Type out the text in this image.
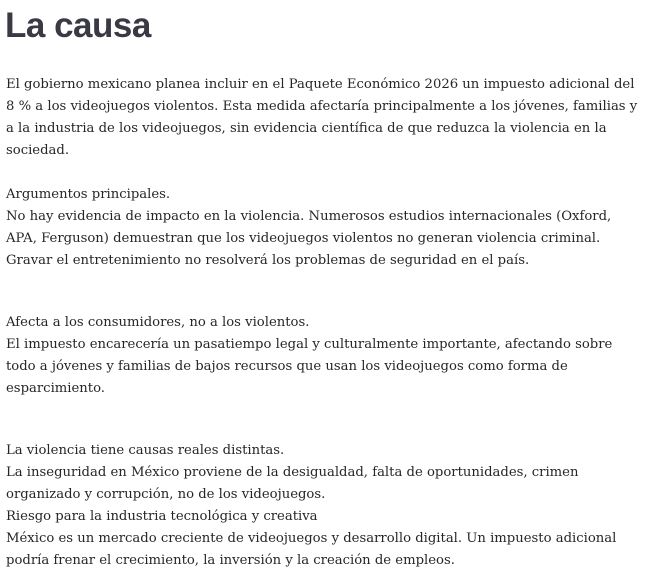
La causa

El gobierno mexicano planea incluir en el Paquete Económico 2026 un impuesto adicional del 8 % a los videojuegos violentos. Esta medida afectaría principalmente a los jóvenes, familias y a la industria de los videojuegos, sin evidencia científica de que reduzca la violencia en la sociedad.

Argumentos principales.
No hay evidencia de impacto en la violencia. Numerosos estudios internacionales (Oxford, APA, Ferguson) demuestran que los videojuegos violentos no generan violencia criminal. Gravar el entretenimiento no resolverá los problemas de seguridad en el país.
Afecta a los consumidores, no a los violentos.
El impuesto encarecería un pasatiempo legal y culturalmente importante, afectando sobre todo a jóvenes y familias de bajos recursos que usan los videojuegos como forma de esparcimiento.
La violencia tiene causas reales distintas.
La inseguridad en México proviene de la desigualdad, falta de oportunidades, crimen organizado y corrupción, no de los videojuegos.
Riesgo para la industria tecnológica y creativa
México es un mercado creciente de videojuegos y desarrollo digital. Un impuesto adicional podría frenar el crecimiento, la inversión y la creación de empleos.
